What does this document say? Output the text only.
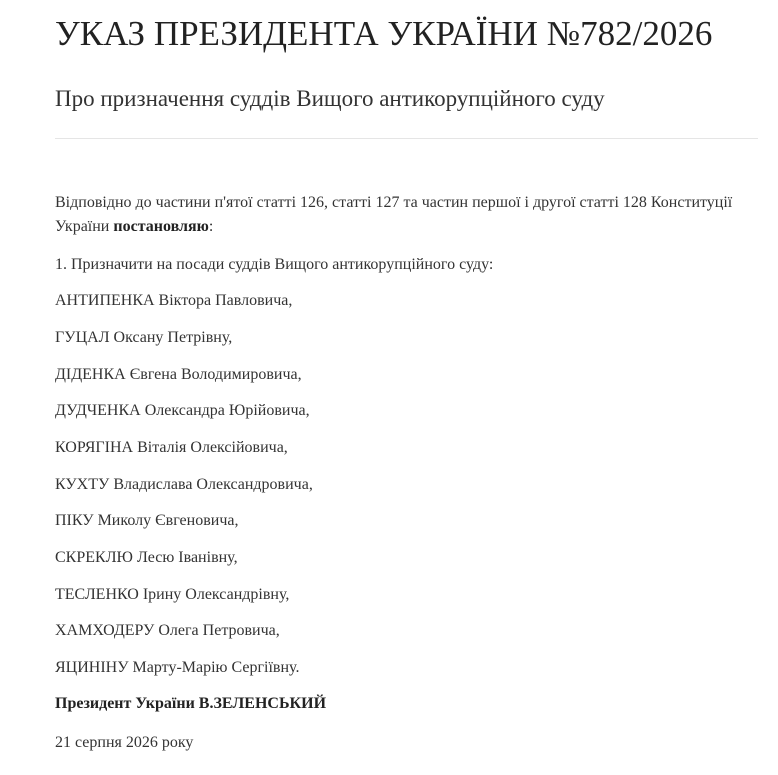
УКАЗ ПРЕЗИДЕНТА УКРАЇНИ №782/2026
Про призначення суддів Вищого антикорупційного суду

Відповідно до частини п'ятої статті 126, статті 127 та частин першої і другої статті 128 Конституції України постановляю:

1. Призначити на посади суддів Вищого антикорупційного суду:

АНТИПЕНКА Віктора Павловича,

ГУЦАЛ Оксану Петрівну,

ДІДЕНКА Євгена Володимировича,

ДУДЧЕНКА Олександра Юрійовича,

КОРЯГІНА Віталія Олексійовича,

КУХТУ Владислава Олександровича,

ПІКУ Миколу Євгеновича,

СКРЕКЛЮ Лесю Іванівну,

ТЕСЛЕНКО Ірину Олександрівну,

ХАМХОДЕРУ Олега Петровича,

ЯЦИНІНУ Марту-Марію Сергіївну.

Президент України В.ЗЕЛЕНСЬКИЙ

21 серпня 2026 року
